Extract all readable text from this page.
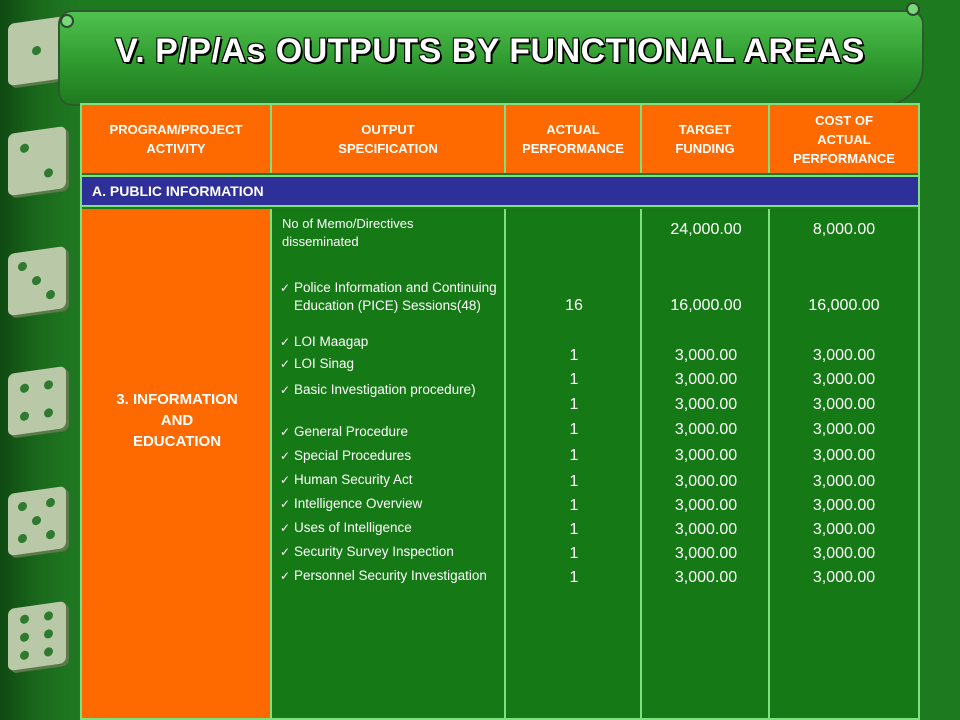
V. P/P/As OUTPUTS BY FUNCTIONAL AREAS
PROGRAM/PROJECT
ACTIVITY
OUTPUT
SPECIFICATION
ACTUAL
PERFORMANCE
TARGET
FUNDING
COST OF
ACTUAL
PERFORMANCE
A. PUBLIC INFORMATION
3. INFORMATION
AND
EDUCATION
No of Memo/Directives disseminated
✓ Police Information and Continuing Education (PICE) Sessions(48)
✓ LOI Maagap
✓ LOI Sinag
✓ Basic Investigation procedure)
✓ General Procedure
✓ Special Procedures
✓ Human Security Act
✓ Intelligence Overview
✓ Uses of Intelligence
✓ Security Survey Inspection
✓ Personnel Security Investigation
16
1
1
1
1
1
1
1
1
1
1
24,000.00
16,000.00
3,000.00
3,000.00
3,000.00
3,000.00
3,000.00
3,000.00
3,000.00
3,000.00
3,000.00
3,000.00
8,000.00
16,000.00
3,000.00
3,000.00
3,000.00
3,000.00
3,000.00
3,000.00
3,000.00
3,000.00
3,000.00
3,000.00
